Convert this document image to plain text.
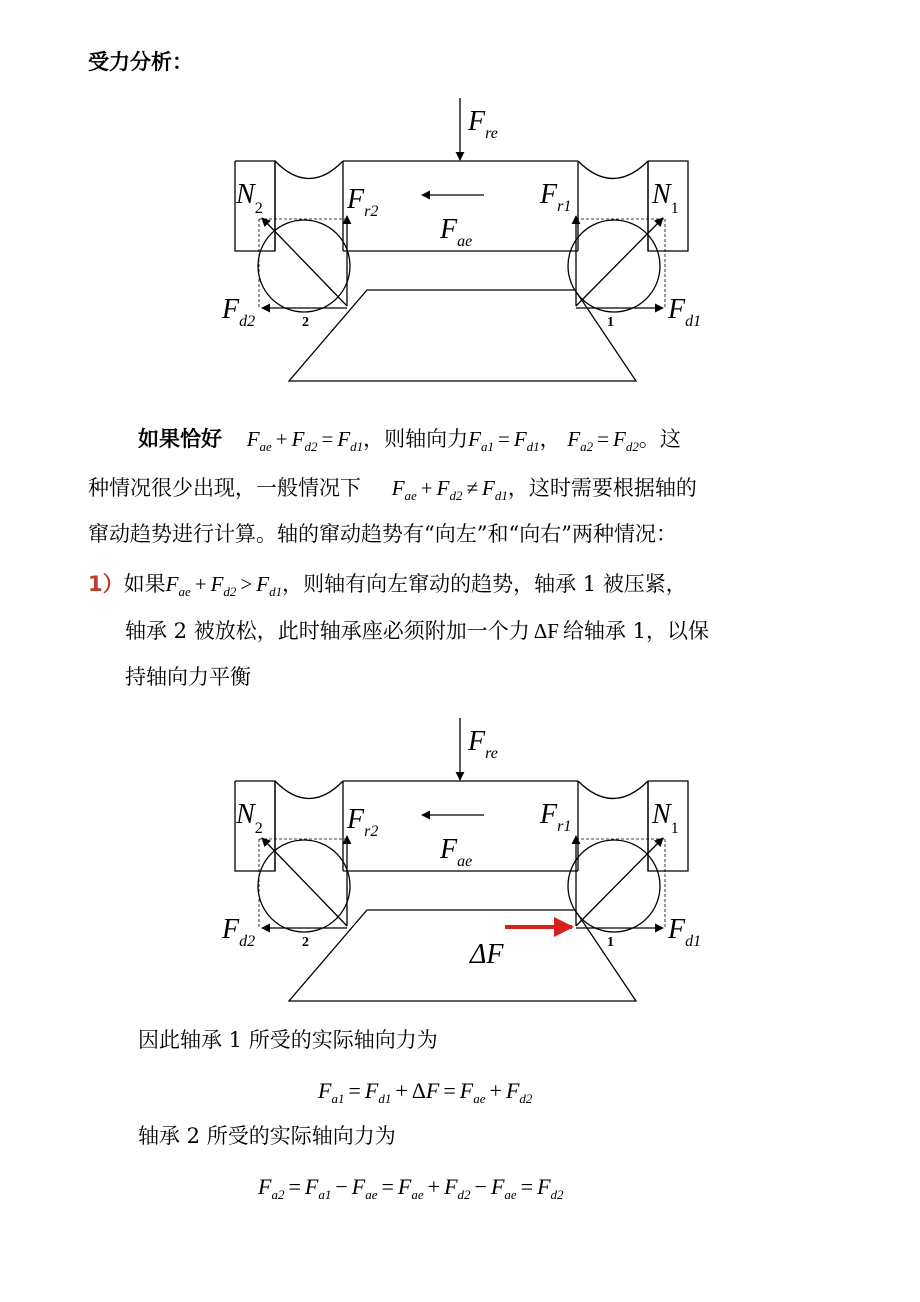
受力分析：
$F_{re}$
$N_2$	$F_{r2}$
$F_{r1}$	$N_1$
$F_{ae}$
$F_{d2}$	$F_{d1}$
2	1
如果恰好 $F_{ae} + F_{d2} = F_{d1}$，则轴向力$F_{a1} = F_{d1}$， $F_{a2} = F_{d2}$。这
种情况很少出现，一般情况下 $F_{ae} + F_{d2} \ne F_{d1}$，这时需要根据轴的
窜动趋势进行计算。轴的窜动趋势有“向左”和“向右”两种情况：
1）如果$F_{ae} + F_{d2} > F_{d1}$，则轴有向左窜动的趋势，轴承 1 被压紧，
轴承 2 被放松，此时轴承座必须附加一个力 ΔF 给轴承 1，以保
持轴向力平衡
$F_{re}$
$N_2$	$F_{r2}$
$F_{r1}$	$N_1$
$F_{ae}$
$F_{d2}$	$F_{d1}$
2	1
ΔF
因此轴承 1 所受的实际轴向力为
$F_{a1} = F_{d1} + \Delta F = F_{ae} + F_{d2}$
轴承 2 所受的实际轴向力为
$F_{a2} = F_{a1} - F_{ae} = F_{ae} + F_{d2} - F_{ae} = F_{d2}$
